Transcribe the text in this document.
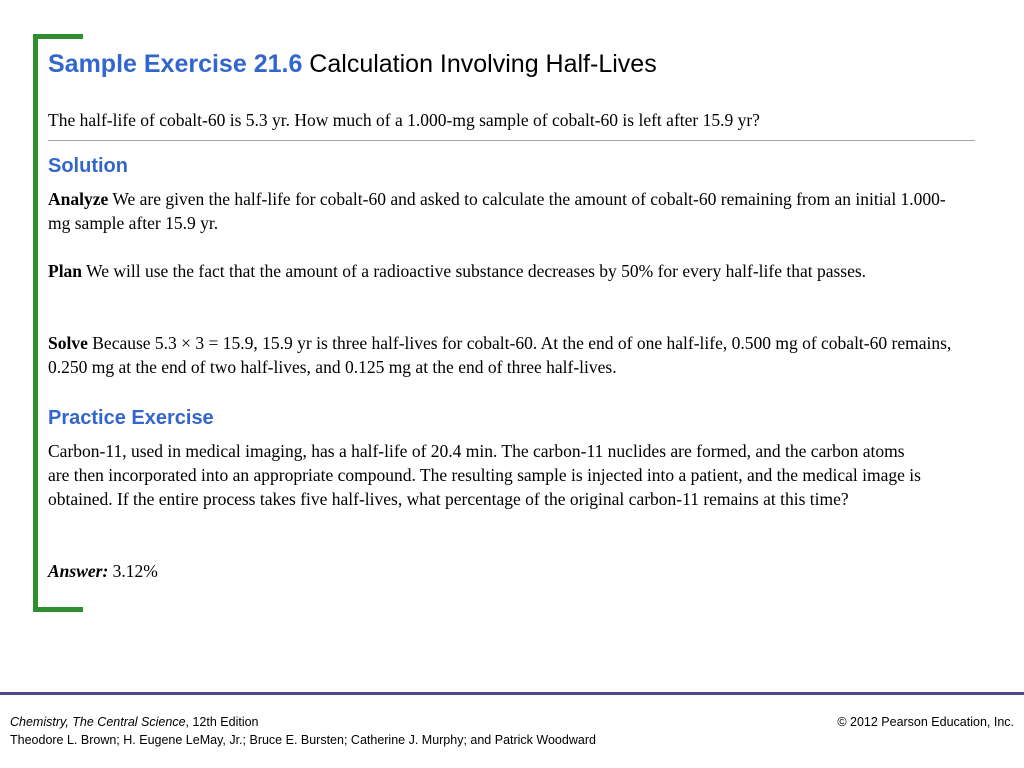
Sample Exercise 21.6 Calculation Involving Half-Lives

The half-life of cobalt-60 is 5.3 yr. How much of a 1.000-mg sample of cobalt-60 is left after 15.9 yr?

Solution

Analyze We are given the half-life for cobalt-60 and asked to calculate the amount of cobalt-60 remaining from an initial 1.000-mg sample after 15.9 yr.

Plan We will use the fact that the amount of a radioactive substance decreases by 50% for every half-life that passes.

Solve Because 5.3 × 3 = 15.9, 15.9 yr is three half-lives for cobalt-60. At the end of one half-life, 0.500 mg of cobalt-60 remains, 0.250 mg at the end of two half-lives, and 0.125 mg at the end of three half-lives.

Practice Exercise

Carbon-11, used in medical imaging, has a half-life of 20.4 min. The carbon-11 nuclides are formed, and the carbon atoms are then incorporated into an appropriate compound. The resulting sample is injected into a patient, and the medical image is obtained. If the entire process takes five half-lives, what percentage of the original carbon-11 remains at this time?

Answer: 3.12%

Chemistry, The Central Science, 12th Edition
Theodore L. Brown; H. Eugene LeMay, Jr.; Bruce E. Bursten; Catherine J. Murphy; and Patrick Woodward
© 2012 Pearson Education, Inc.
